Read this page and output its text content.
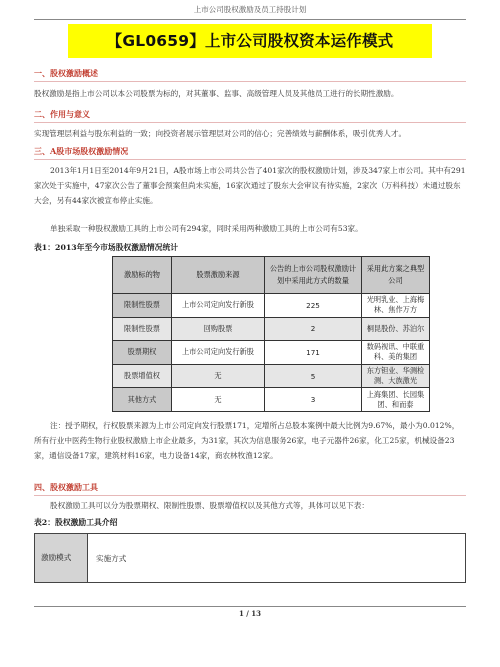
上市公司股权激励及员工持股计划
【GL0659】上市公司股权资本运作模式
一、股权激励概述

股权激励是指上市公司以本公司股票为标的，对其董事、监事、高级管理人员及其他员工进行的长期性激励。

二、作用与意义

实现管理层利益与股东利益的一致；向投资者展示管理层对公司的信心；完善绩效与薪酬体系，吸引优秀人才。

三、A股市场股权激励情况

2013年1月1日至2014年9月21日，A股市场上市公司共公告了401家次的股权激励计划，涉及347家上市公司。其中有291家次处于实施中，47家次公告了董事会预案但尚未实施，16家次通过了股东大会审议有待实施，2家次（万科科技）未通过股东大会，另有44家次被宣布停止实施。

单独采取一种股权激励工具的上市公司有294家，同时采用两种激励工具的上市公司有53家。

表1：2013年至今市场股权激励情况统计
激励标的物	股票激励来源	公告的上市公司股权激励计划中采用此方式的数量	采用此方案之典型公司
限制性股票	上市公司定向发行新股	225	光明乳业、上海梅林、焦作万方
限制性股票	回购股票	2	桐昆股份、苏泊尔
股票期权	上市公司定向发行新股	171	数码视讯、中联重科、美的集团
股票增值权	无	5	东方钽业、华测检测、大族激光
其他方式	无	3	上海集团、长园集团、和而泰

注：授予期权，行权股票来源为上市公司定向发行股票171，定增所占总股本案例中最大比例为9.67%，最小为0.012%，所有行业中医药生物行业股权激励上市企业最多，为31家，其次为信息服务26家，电子元器件26家，化工25家，机械设备23家，通信设备17家，建筑材料16家，电力设备14家，商农林牧渔12家。

四、股权激励工具

股权激励工具可以分为股票期权、限制性股票、股票增值权以及其他方式等，具体可以见下表：

表2：股权激励工具介绍
激励模式	实施方式
1 / 13
